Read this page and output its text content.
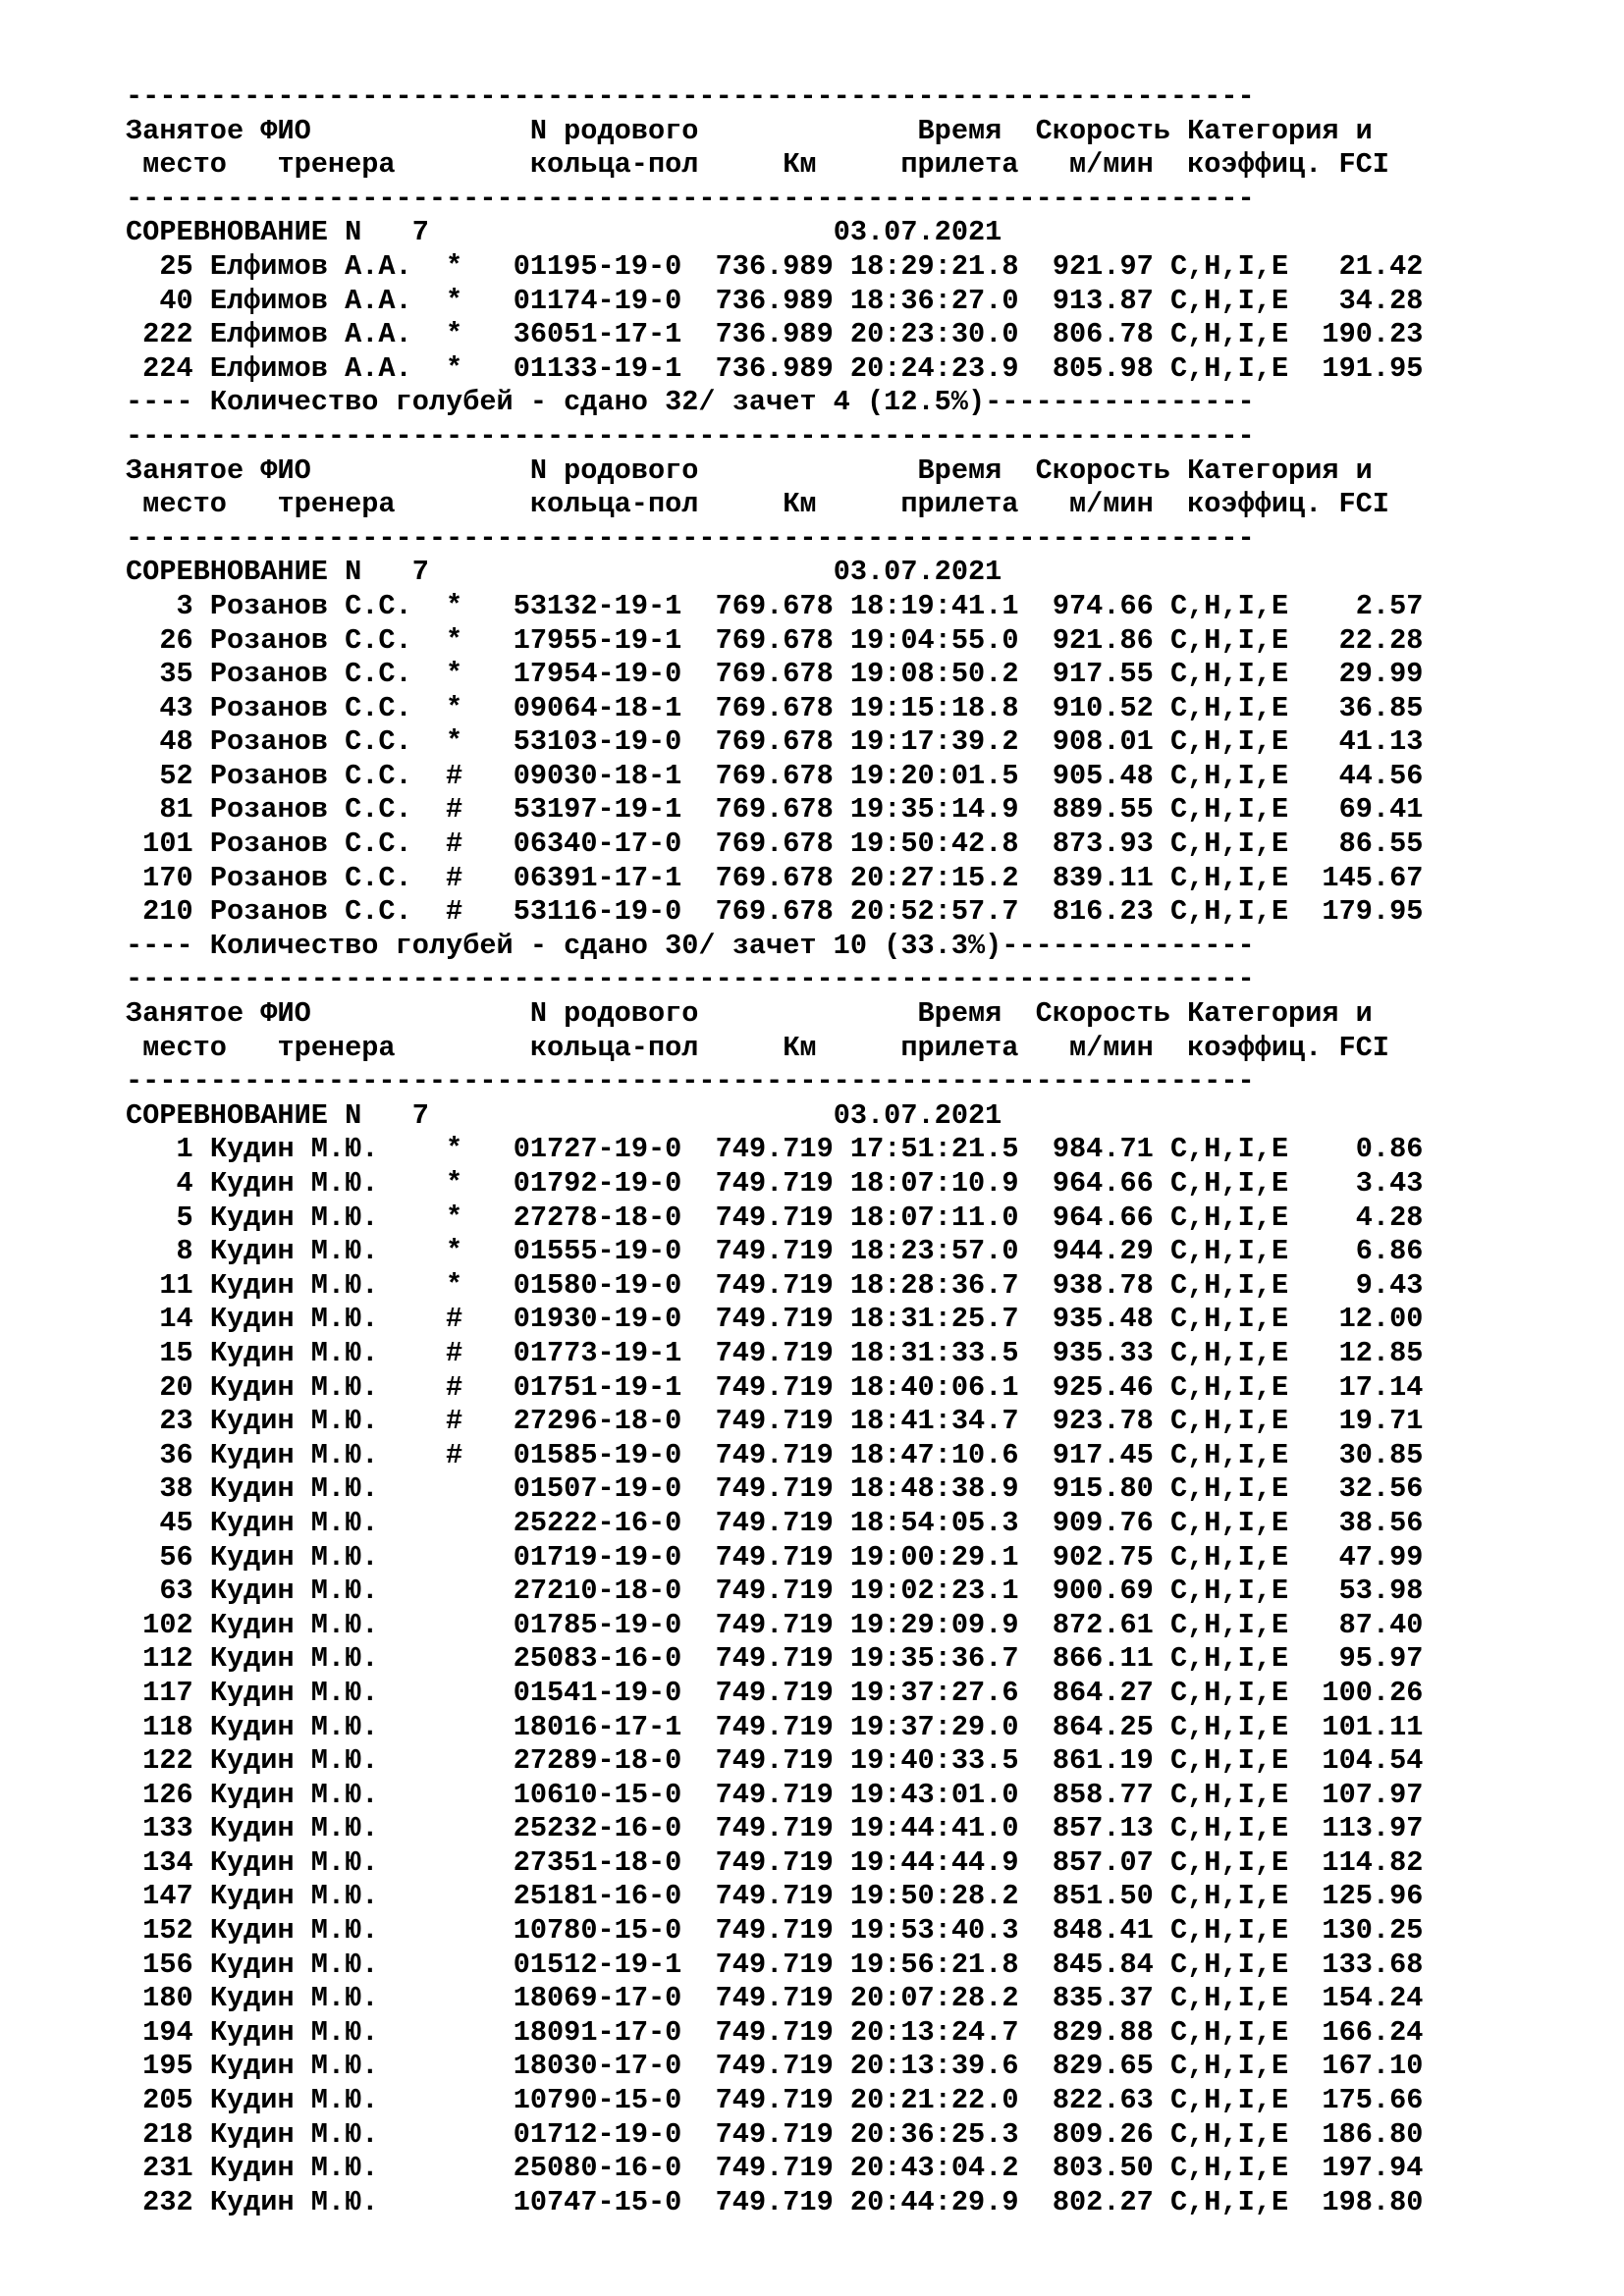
-------------------------------------------------------------------
Занятое ФИО             N родового             Время Скорость Категория и
место   тренера        кольца-пол     Км     прилета   м/мин  коэффиц. FCI
-------------------------------------------------------------------
СОРЕВНОВАНИЕ N   7	03.07.2021
25 Елфимов А.А.  * 01195-19-0 736.989 18:29:21.8 921.97 C,H,I,E   21.42
40 Елфимов А.А.  * 01174-19-0 736.989 18:36:27.0 913.87 C,H,I,E   34.28
222 Елфимов А.А.  * 36051-17-1 736.989 20:23:30.0 806.78 C,H,I,E  190.23
224 Елфимов А.А.  * 01133-19-1 736.989 20:24:23.9 805.98 C,H,I,E  191.95
---- Количество голубей - сдано 32/ зачет 4 (12.5%)----------------
-------------------------------------------------------------------
Занятое ФИО             N родового             Время Скорость Категория и
место   тренера        кольца-пол     Км     прилета   м/мин  коэффиц. FCI
-------------------------------------------------------------------
СОРЕВНОВАНИЕ N   7	03.07.2021
3 Розанов С.С.  * 53132-19-1 769.678 18:19:41.1 974.66 C,H,I,E    2.57
26 Розанов С.С.  * 17955-19-1 769.678 19:04:55.0 921.86 C,H,I,E   22.28
35 Розанов С.С.  * 17954-19-0 769.678 19:08:50.2 917.55 C,H,I,E   29.99
43 Розанов С.С.  * 09064-18-1 769.678 19:15:18.8 910.52 C,H,I,E   36.85
48 Розанов С.С.  * 53103-19-0 769.678 19:17:39.2 908.01 C,H,I,E   41.13
52 Розанов С.С.  # 09030-18-1 769.678 19:20:01.5 905.48 C,H,I,E   44.56
81 Розанов С.С.  # 53197-19-1 769.678 19:35:14.9 889.55 C,H,I,E   69.41
101 Розанов С.С.  # 06340-17-0 769.678 19:50:42.8 873.93 C,H,I,E   86.55
170 Розанов С.С.  # 06391-17-1 769.678 20:27:15.2 839.11 C,H,I,E  145.67
210 Розанов С.С.  # 53116-19-0 769.678 20:52:57.7 816.23 C,H,I,E  179.95
---- Количество голубей - сдано 30/ зачет 10 (33.3%)---------------
-------------------------------------------------------------------
Занятое ФИО             N родового             Время Скорость Категория и
место   тренера        кольца-пол     Км     прилета   м/мин  коэффиц. FCI
-------------------------------------------------------------------
СОРЕВНОВАНИЕ N   7	03.07.2021
1 Кудин М.Ю.    * 01727-19-0 749.719 17:51:21.5 984.71 C,H,I,E    0.86
4 Кудин М.Ю.    * 01792-19-0 749.719 18:07:10.9 964.66 C,H,I,E    3.43
5 Кудин М.Ю.    * 27278-18-0 749.719 18:07:11.0 964.66 C,H,I,E    4.28
8 Кудин М.Ю.    * 01555-19-0 749.719 18:23:57.0 944.29 C,H,I,E    6.86
11 Кудин М.Ю.    * 01580-19-0 749.719 18:28:36.7 938.78 C,H,I,E    9.43
14 Кудин М.Ю.    # 01930-19-0 749.719 18:31:25.7 935.48 C,H,I,E   12.00
15 Кудин М.Ю.    # 01773-19-1 749.719 18:31:33.5 935.33 C,H,I,E   12.85
20 Кудин М.Ю.    # 01751-19-1 749.719 18:40:06.1 925.46 C,H,I,E   17.14
23 Кудин М.Ю.    # 27296-18-0 749.719 18:41:34.7 923.78 C,H,I,E   19.71
36 Кудин М.Ю.    # 01585-19-0 749.719 18:47:10.6 917.45 C,H,I,E   30.85
38 Кудин М.Ю.        01507-19-0 749.719 18:48:38.9 915.80 C,H,I,E   32.56
45 Кудин М.Ю.        25222-16-0 749.719 18:54:05.3 909.76 C,H,I,E   38.56
56 Кудин М.Ю.        01719-19-0 749.719 19:00:29.1 902.75 C,H,I,E   47.99
63 Кудин М.Ю.        27210-18-0 749.719 19:02:23.1 900.69 C,H,I,E   53.98
102 Кудин М.Ю.        01785-19-0 749.719 19:29:09.9 872.61 C,H,I,E   87.40
112 Кудин М.Ю.        25083-16-0 749.719 19:35:36.7 866.11 C,H,I,E   95.97
117 Кудин М.Ю.        01541-19-0 749.719 19:37:27.6 864.27 C,H,I,E  100.26
118 Кудин М.Ю.        18016-17-1 749.719 19:37:29.0 864.25 C,H,I,E  101.11
122 Кудин М.Ю.        27289-18-0 749.719 19:40:33.5 861.19 C,H,I,E  104.54
126 Кудин М.Ю.        10610-15-0 749.719 19:43:01.0 858.77 C,H,I,E  107.97
133 Кудин М.Ю.        25232-16-0 749.719 19:44:41.0 857.13 C,H,I,E  113.97
134 Кудин М.Ю.        27351-18-0 749.719 19:44:44.9 857.07 C,H,I,E  114.82
147 Кудин М.Ю.        25181-16-0 749.719 19:50:28.2 851.50 C,H,I,E  125.96
152 Кудин М.Ю.        10780-15-0 749.719 19:53:40.3 848.41 C,H,I,E  130.25
156 Кудин М.Ю.        01512-19-1 749.719 19:56:21.8 845.84 C,H,I,E  133.68
180 Кудин М.Ю.        18069-17-0 749.719 20:07:28.2 835.37 C,H,I,E  154.24
194 Кудин М.Ю.        18091-17-0 749.719 20:13:24.7 829.88 C,H,I,E  166.24
195 Кудин М.Ю.        18030-17-0 749.719 20:13:39.6 829.65 C,H,I,E  167.10
205 Кудин М.Ю.        10790-15-0 749.719 20:21:22.0 822.63 C,H,I,E  175.66
218 Кудин М.Ю.        01712-19-0 749.719 20:36:25.3 809.26 C,H,I,E  186.80
231 Кудин М.Ю.        25080-16-0 749.719 20:43:04.2 803.50 C,H,I,E  197.94
232 Кудин М.Ю.        10747-15-0 749.719 20:44:29.9 802.27 C,H,I,E  198.80
